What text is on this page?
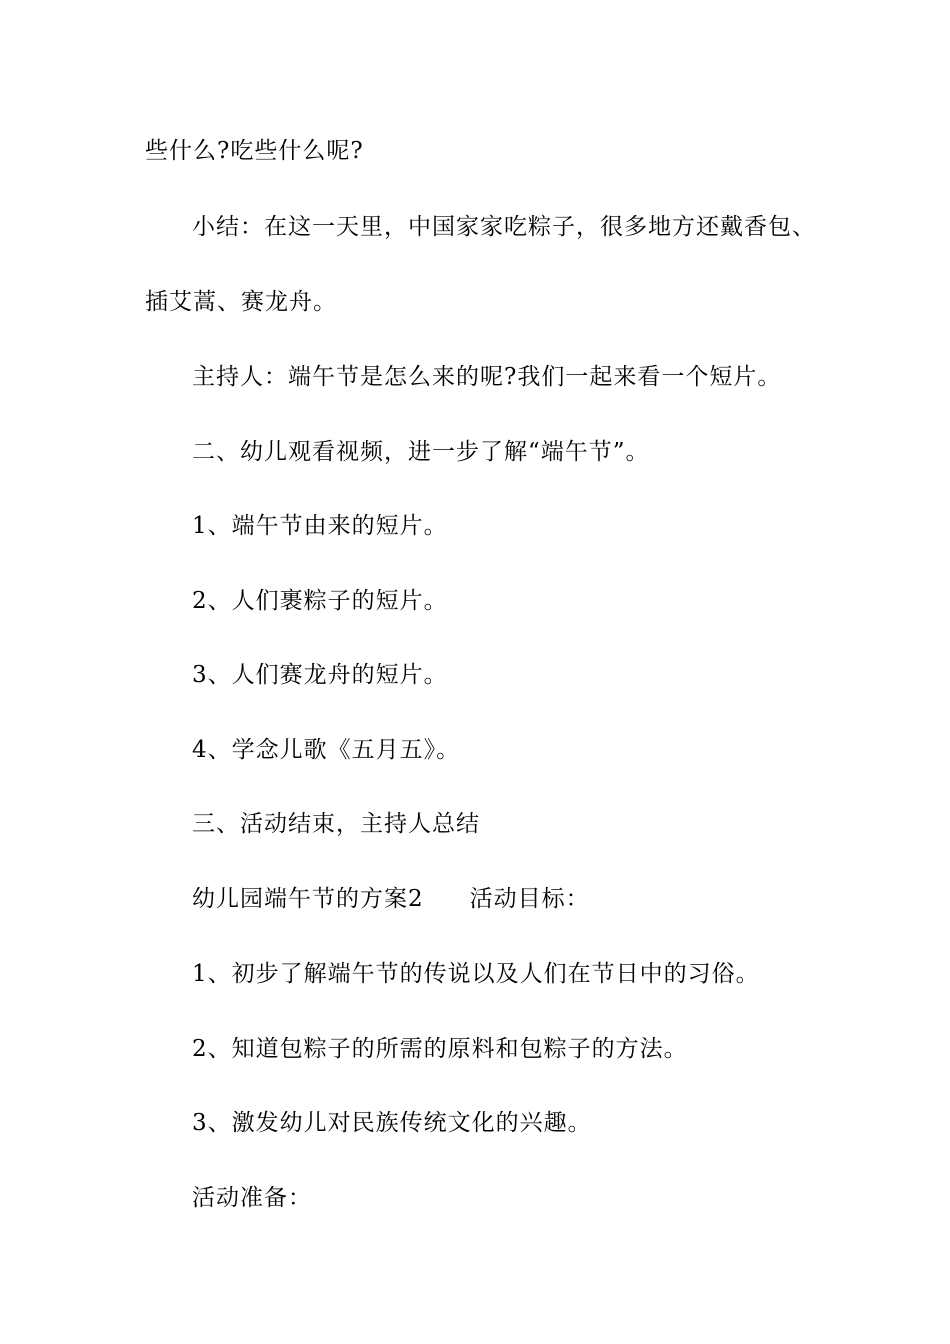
些什么?吃些什么呢?
小结：在这一天里，中国家家吃粽子，很多地方还戴香包、
插艾蒿、赛龙舟。
主持人：端午节是怎么来的呢?我们一起来看一个短片。
二、幼儿观看视频，进一步了解“端午节”。
1、端午节由来的短片。
2、人们裹粽子的短片。
3、人们赛龙舟的短片。
4、学念儿歌《五月五》。
三、活动结束，主持人总结
幼儿园端午节的方案2 活动目标：
1、初步了解端午节的传说以及人们在节日中的习俗。
2、知道包粽子的所需的原料和包粽子的方法。
3、激发幼儿对民族传统文化的兴趣。
活动准备：
